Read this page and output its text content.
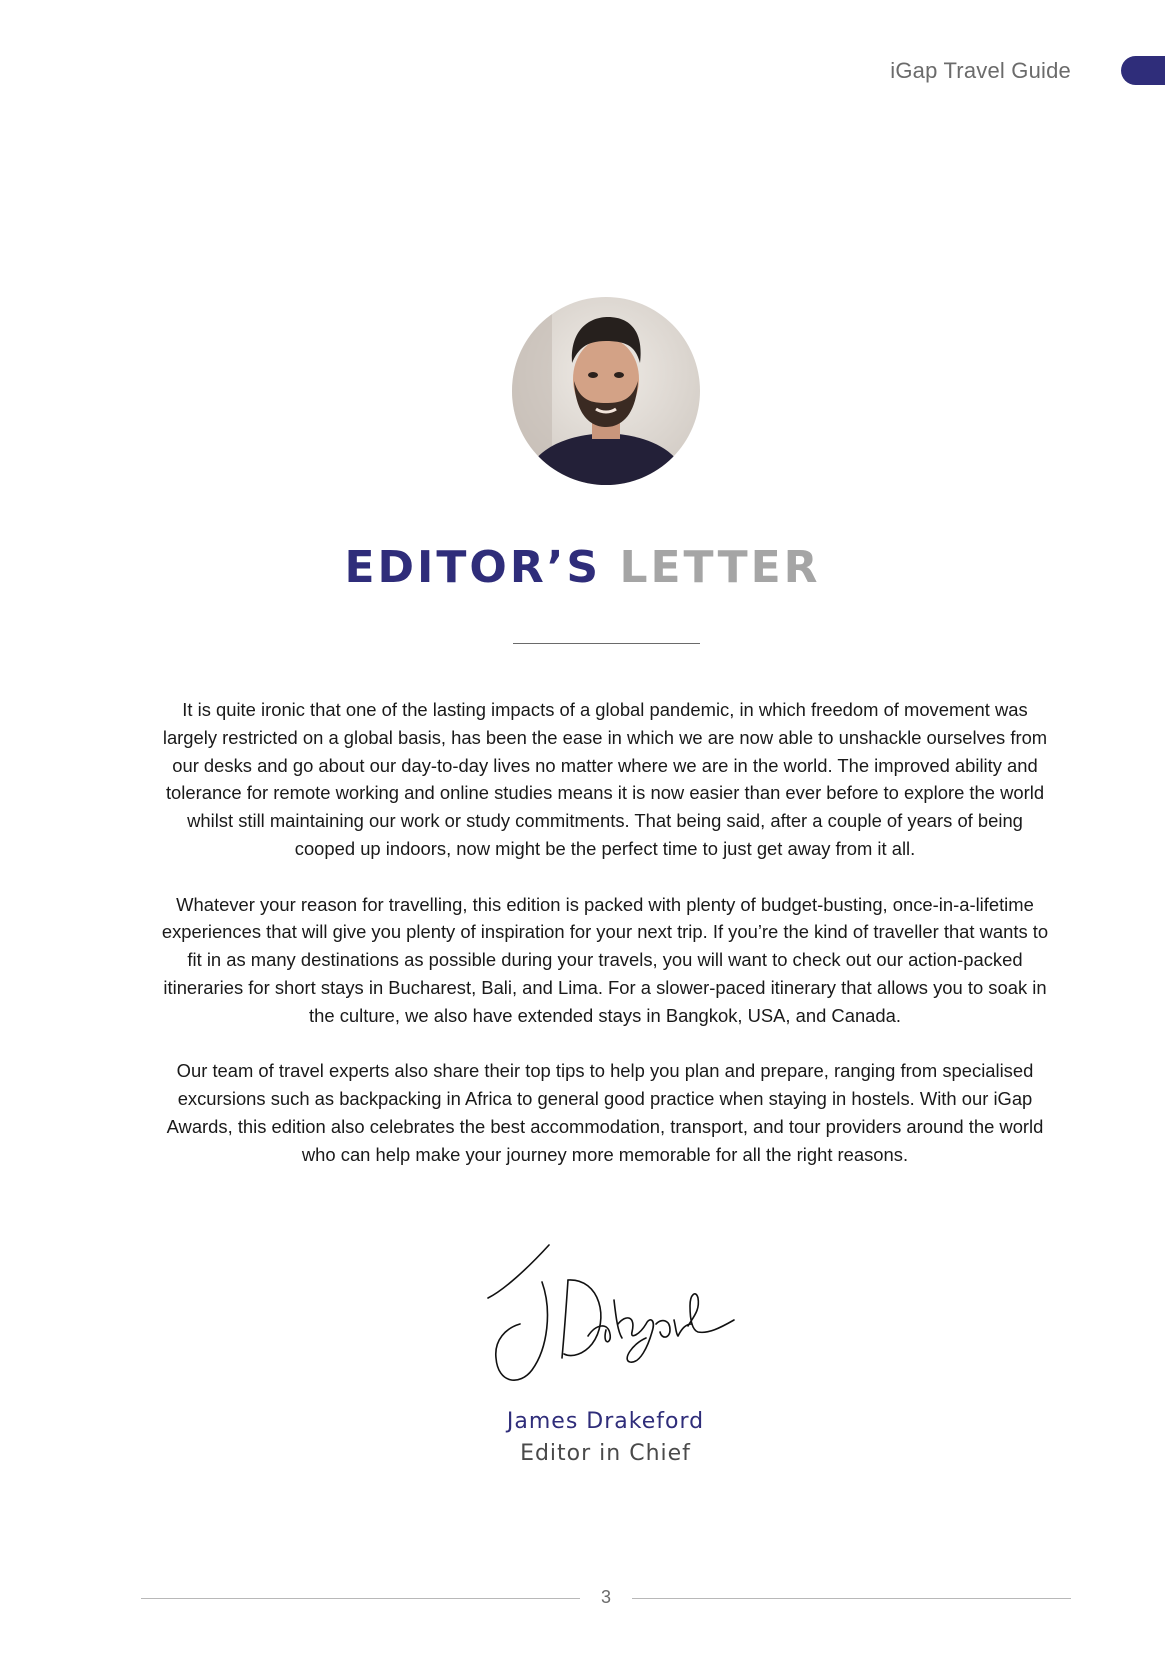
iGap Travel Guide
EDITOR’S LETTER

It is quite ironic that one of the lasting impacts of a global pandemic, in which freedom of movement was largely restricted on a global basis, has been the ease in which we are now able to unshackle ourselves from our desks and go about our day-to-day lives no matter where we are in the world. The improved ability and tolerance for remote working and online studies means it is now easier than ever before to explore the world whilst still maintaining our work or study commitments. That being said, after a couple of years of being cooped up indoors, now might be the perfect time to just get away from it all.

Whatever your reason for travelling, this edition is packed with plenty of budget-busting, once-in-a-lifetime experiences that will give you plenty of inspiration for your next trip. If you’re the kind of traveller that wants to fit in as many destinations as possible during your travels, you will want to check out our action-packed itineraries for short stays in Bucharest, Bali, and Lima. For a slower-paced itinerary that allows you to soak in the culture, we also have extended stays in Bangkok, USA, and Canada.

Our team of travel experts also share their top tips to help you plan and prepare, ranging from specialised excursions such as backpacking in Africa to general good practice when staying in hostels. With our iGap Awards, this edition also celebrates the best accommodation, transport, and tour providers around the world who can help make your journey more memorable for all the right reasons.

James Drakeford
Editor in Chief
3
